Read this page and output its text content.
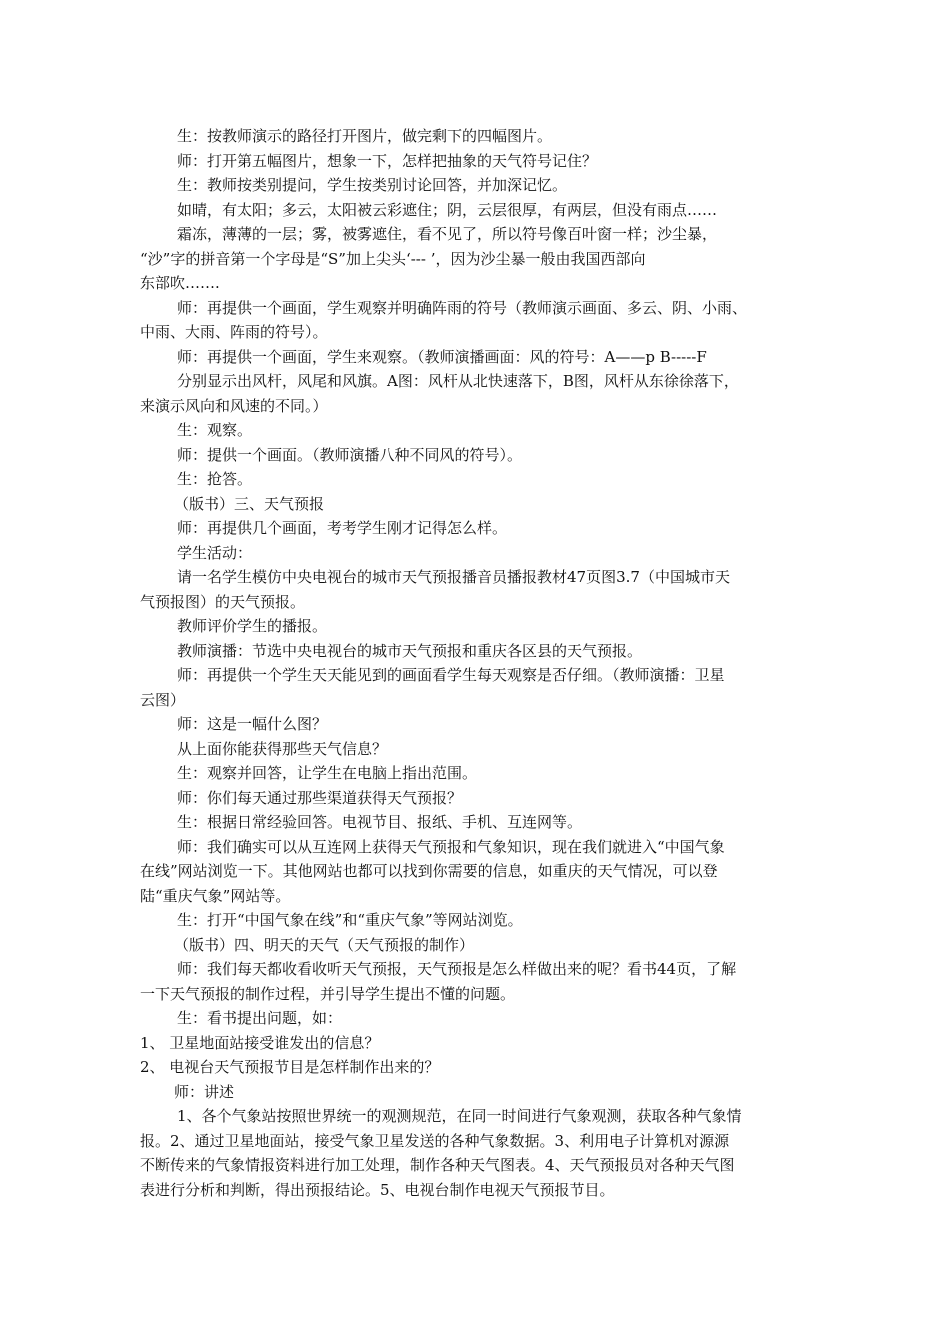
生：按教师演示的路径打开图片，做完剩下的四幅图片。
师：打开第五幅图片，想象一下，怎样把抽象的天气符号记住？
生：教师按类别提问，学生按类别讨论回答，并加深记忆。
如晴，有太阳；多云，太阳被云彩遮住；阴，云层很厚，有两层，但没有雨点……
霜冻，薄薄的一层；雾，被雾遮住，看不见了，所以符号像百叶窗一样；沙尘暴，
“沙”字的拼音第一个字母是“S”加上尖头‘--- ’，因为沙尘暴一般由我国西部向
东部吹…….
师：再提供一个画面，学生观察并明确阵雨的符号（教师演示画面、多云、阴、小雨、
中雨、大雨、阵雨的符号）。
师：再提供一个画面，学生来观察。（教师演播画面：风的符号：A——p B-----F
分别显示出风杆，风尾和风旗。A图：风杆从北快速落下，B图，风杆从东徐徐落下，
来演示风向和风速的不同。）
生：观察。
师：提供一个画面。（教师演播八种不同风的符号）。
生：抢答。
（版书）三、天气预报
师：再提供几个画面，考考学生刚才记得怎么样。
学生活动：
请一名学生模仿中央电视台的城市天气预报播音员播报教材47页图3.7（中国城市天
气预报图）的天气预报。
教师评价学生的播报。
教师演播：节选中央电视台的城市天气预报和重庆各区县的天气预报。
师：再提供一个学生天天能见到的画面看学生每天观察是否仔细。（教师演播：卫星
云图）
师：这是一幅什么图？
从上面你能获得那些天气信息？
生：观察并回答，让学生在电脑上指出范围。
师：你们每天通过那些渠道获得天气预报？
生：根据日常经验回答。电视节目、报纸、手机、互连网等。
师：我们确实可以从互连网上获得天气预报和气象知识，现在我们就进入“中国气象
在线”网站浏览一下。其他网站也都可以找到你需要的信息，如重庆的天气情况，可以登
陆“重庆气象”网站等。
生：打开“中国气象在线”和“重庆气象”等网站浏览。
（版书）四、明天的天气（天气预报的制作）
师：我们每天都收看收听天气预报，天气预报是怎么样做出来的呢？看书44页，了解
一下天气预报的制作过程，并引导学生提出不懂的问题。
生：看书提出问题，如：
1、 卫星地面站接受谁发出的信息？
2、 电视台天气预报节目是怎样制作出来的？
师：讲述
1、各个气象站按照世界统一的观测规范，在同一时间进行气象观测，获取各种气象情
报。2、通过卫星地面站，接受气象卫星发送的各种气象数据。3、利用电子计算机对源源
不断传来的气象情报资料进行加工处理，制作各种天气图表。4、天气预报员对各种天气图
表进行分析和判断，得出预报结论。5、电视台制作电视天气预报节目。
